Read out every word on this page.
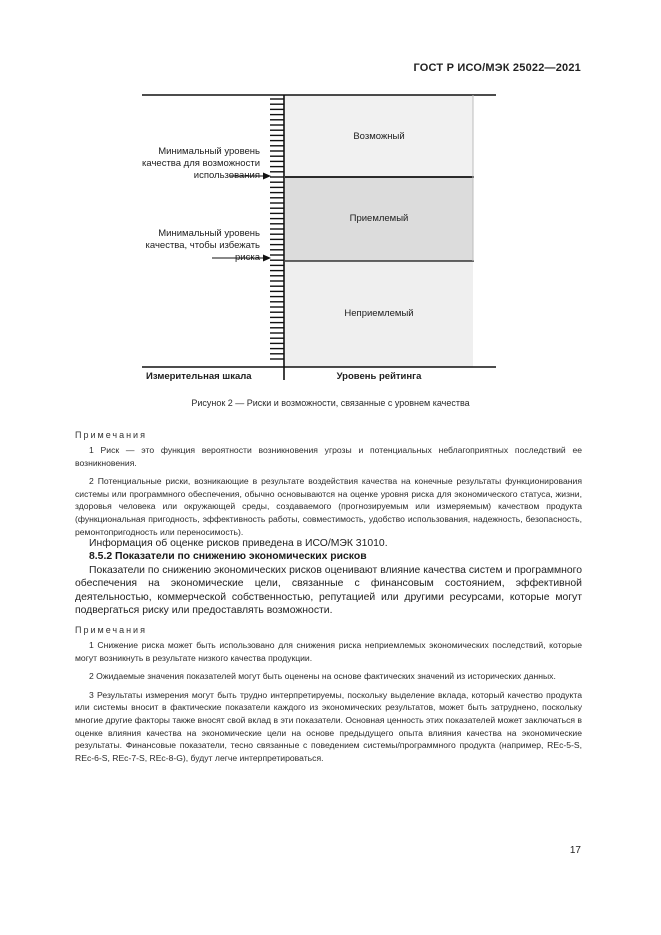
ГОСТ Р ИСО/МЭК 25022—2021
Возможный
Приемлемый
Неприемлемый
Минимальный уровень качества для возможности использования
Минимальный уровень качества, чтобы избежать риска
Измерительная шкала	Уровень рейтинга
Рисунок 2 — Риски и возможности, связанные с уровнем качества
Примечания
1 Риск — это функция вероятности возникновения угрозы и потенциальных неблагоприятных последствий ее возникновения.
2 Потенциальные риски, возникающие в результате воздействия качества на конечные результаты функционирования системы или программного обеспечения, обычно основываются на оценке уровня риска для экономического статуса, жизни, здоровья человека или окружающей среды, создаваемого (прогнозируемым или измеряемым) качеством продукта (функциональная пригодность, эффективность работы, совместимость, удобство использования, надежность, безопасность, ремонтопригодность или переносимость).
Информация об оценке рисков приведена в ИСО/МЭК 31010.
8.5.2 Показатели по снижению экономических рисков
Показатели по снижению экономических рисков оценивают влияние качества систем и программного обеспечения на экономические цели, связанные с финансовым состоянием, эффективной деятельностью, коммерческой собственностью, репутацией или другими ресурсами, которые могут подвергаться риску или предоставлять возможности.
Примечания
1 Снижение риска может быть использовано для снижения риска неприемлемых экономических последствий, которые могут возникнуть в результате низкого качества продукции.
2 Ожидаемые значения показателей могут быть оценены на основе фактических значений из исторических данных.
3 Результаты измерения могут быть трудно интерпретируемы, поскольку выделение вклада, который качество продукта или системы вносит в фактические показатели каждого из экономических результатов, может быть затруднено, поскольку многие другие факторы также вносят свой вклад в эти показатели. Основная ценность этих показателей может заключаться в оценке влияния качества на экономические цели на основе предыдущего опыта влияния качества на экономические результаты. Финансовые показатели, тесно связанные с поведением системы/программного продукта (например, REc-5-S, REc-6-S, REc-7-S, REc-8-G), будут легче интерпретироваться.
17
